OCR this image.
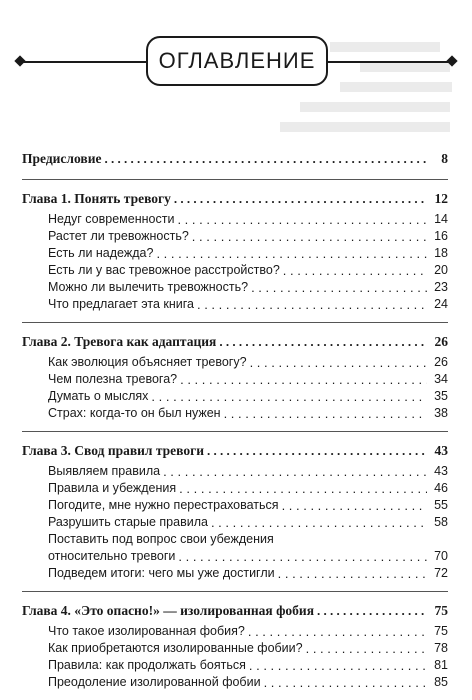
ОГЛАВЛЕНИЕ
Предисловие . . .	8
Глава 1. Понять тревогу . . .	12
Недуг современности . . .	14
Растет ли тревожность? . . .	16
Есть ли надежда? . . .	18
Есть ли у вас тревожное расстройство? . . .	20
Можно ли вылечить тревожность? . . .	23
Что предлагает эта книга . . .	24
Глава 2. Тревога как адаптация . . .	26
Как эволюция объясняет тревогу? . . .	26
Чем полезна тревога? . . .	34
Думать о мыслях . . .	35
Страх: когда-то он был нужен . . .	38
Глава 3. Свод правил тревоги . . .	43
Выявляем правила . . .	43
Правила и убеждения . . .	46
Погодите, мне нужно перестраховаться . . .	55
Разрушить старые правила . . .	58
Поставить под вопрос свои убеждения
относительно тревоги . . .	70
Подведем итоги: чего мы уже достигли . . .	72
Глава 4. «Это опасно!» — изолированная фобия . . .	75
Что такое изолированная фобия? . . .	75
Как приобретаются изолированные фобии? . . .	78
Правила: как продолжать бояться . . .	81
Преодоление изолированной фобии . . .	85
